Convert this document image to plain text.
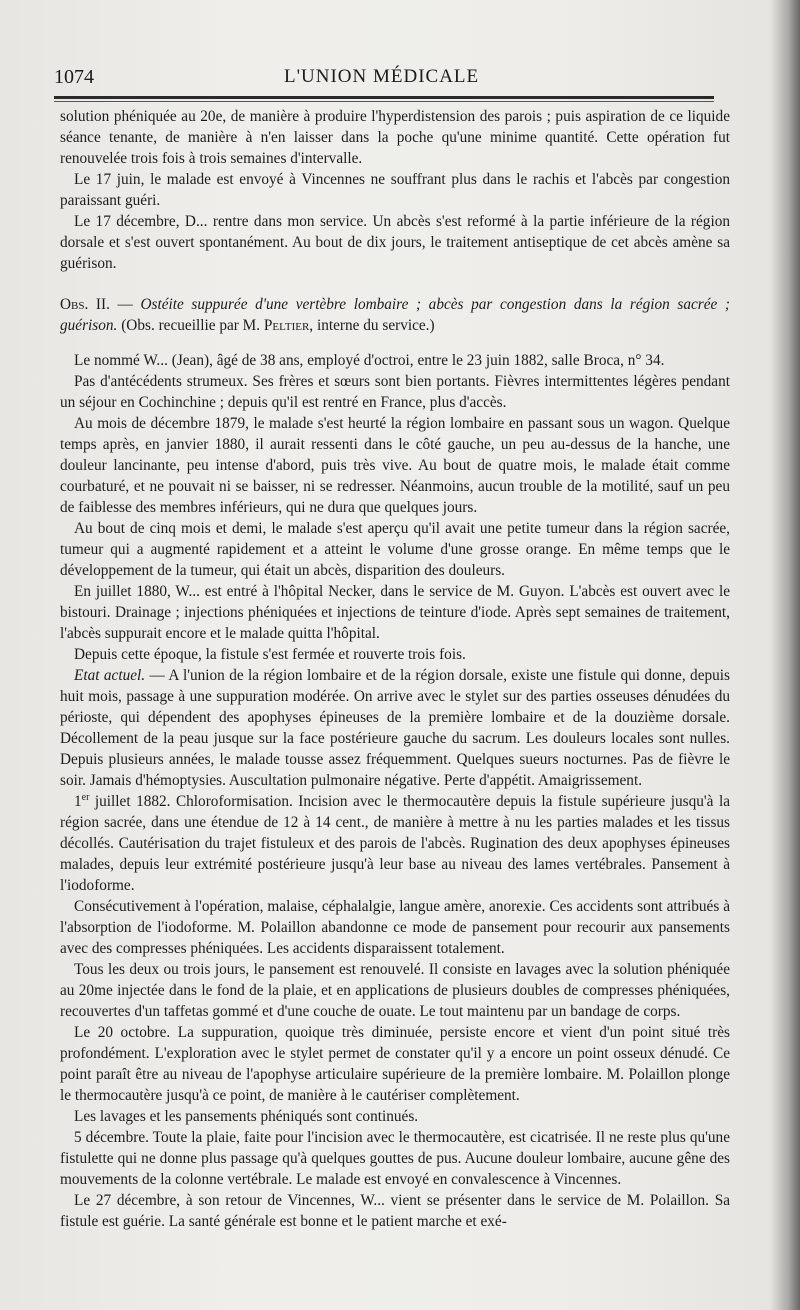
1074	L'UNION MÉDICALE

solution phéniquée au 20e, de manière à produire l'hyperdistension des parois ; puis aspiration de ce liquide séance tenante, de manière à n'en laisser dans la poche qu'une minime quantité. Cette opération fut renouvelée trois fois à trois semaines d'intervalle.

Le 17 juin, le malade est envoyé à Vincennes ne souffrant plus dans le rachis et l'abcès par congestion paraissant guéri.

Le 17 décembre, D... rentre dans mon service. Un abcès s'est reformé à la partie inférieure de la région dorsale et s'est ouvert spontanément. Au bout de dix jours, le traitement antiseptique de cet abcès amène sa guérison.

Obs. II. — Ostéite suppurée d'une vertèbre lombaire ; abcès par congestion dans la région sacrée ; guérison. (Obs. recueillie par M. Peltier, interne du service.)

Le nommé W... (Jean), âgé de 38 ans, employé d'octroi, entre le 23 juin 1882, salle Broca, n° 34.

Pas d'antécédents strumeux. Ses frères et sœurs sont bien portants. Fièvres intermittentes légères pendant un séjour en Cochinchine ; depuis qu'il est rentré en France, plus d'accès.

Au mois de décembre 1879, le malade s'est heurté la région lombaire en passant sous un wagon. Quelque temps après, en janvier 1880, il aurait ressenti dans le côté gauche, un peu au-dessus de la hanche, une douleur lancinante, peu intense d'abord, puis très vive. Au bout de quatre mois, le malade était comme courbaturé, et ne pouvait ni se baisser, ni se redresser. Néanmoins, aucun trouble de la motilité, sauf un peu de faiblesse des membres inférieurs, qui ne dura que quelques jours.

Au bout de cinq mois et demi, le malade s'est aperçu qu'il avait une petite tumeur dans la région sacrée, tumeur qui a augmenté rapidement et a atteint le volume d'une grosse orange. En même temps que le développement de la tumeur, qui était un abcès, disparition des douleurs.

En juillet 1880, W... est entré à l'hôpital Necker, dans le service de M. Guyon. L'abcès est ouvert avec le bistouri. Drainage ; injections phéniquées et injections de teinture d'iode. Après sept semaines de traitement, l'abcès suppurait encore et le malade quitta l'hôpital.

Depuis cette époque, la fistule s'est fermée et rouverte trois fois.

Etat actuel. — A l'union de la région lombaire et de la région dorsale, existe une fistule qui donne, depuis huit mois, passage à une suppuration modérée. On arrive avec le stylet sur des parties osseuses dénudées du périoste, qui dépendent des apophyses épineuses de la première lombaire et de la douzième dorsale. Décollement de la peau jusque sur la face postérieure gauche du sacrum. Les douleurs locales sont nulles. Depuis plusieurs années, le malade tousse assez fréquemment. Quelques sueurs nocturnes. Pas de fièvre le soir. Jamais d'hémoptysies. Auscultation pulmonaire négative. Perte d'appétit. Amaigrissement.

1er juillet 1882. Chloroformisation. Incision avec le thermocautère depuis la fistule supérieure jusqu'à la région sacrée, dans une étendue de 12 à 14 cent., de manière à mettre à nu les parties malades et les tissus décollés. Cautérisation du trajet fistuleux et des parois de l'abcès. Rugination des deux apophyses épineuses malades, depuis leur extrémité postérieure jusqu'à leur base au niveau des lames vertébrales. Pansement à l'iodoforme.

Consécutivement à l'opération, malaise, céphalalgie, langue amère, anorexie. Ces accidents sont attribués à l'absorption de l'iodoforme. M. Polaillon abandonne ce mode de pansement pour recourir aux pansements avec des compresses phéniquées. Les accidents disparaissent totalement.

Tous les deux ou trois jours, le pansement est renouvelé. Il consiste en lavages avec la solution phéniquée au 20me injectée dans le fond de la plaie, et en applications de plusieurs doubles de compresses phéniquées, recouvertes d'un taffetas gommé et d'une couche de ouate. Le tout maintenu par un bandage de corps.

Le 20 octobre. La suppuration, quoique très diminuée, persiste encore et vient d'un point situé très profondément. L'exploration avec le stylet permet de constater qu'il y a encore un point osseux dénudé. Ce point paraît être au niveau de l'apophyse articulaire supérieure de la première lombaire. M. Polaillon plonge le thermocautère jusqu'à ce point, de manière à le cautériser complètement.

Les lavages et les pansements phéniqués sont continués.

5 décembre. Toute la plaie, faite pour l'incision avec le thermocautère, est cicatrisée. Il ne reste plus qu'une fistulette qui ne donne plus passage qu'à quelques gouttes de pus. Aucune douleur lombaire, aucune gêne des mouvements de la colonne vertébrale. Le malade est envoyé en convalescence à Vincennes.

Le 27 décembre, à son retour de Vincennes, W... vient se présenter dans le service de M. Polaillon. Sa fistule est guérie. La santé générale est bonne et le patient marche et exé-
